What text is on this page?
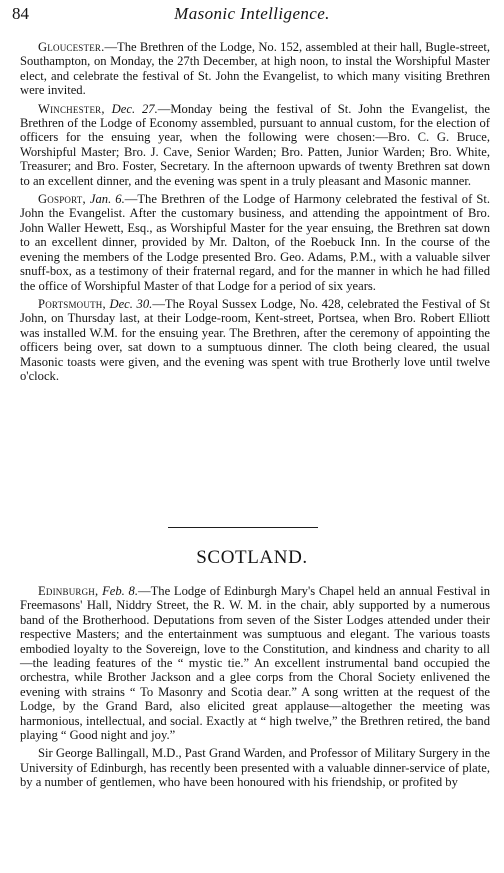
84	Masonic Intelligence.

Gloucester.—The Brethren of the Lodge, No. 152, assembled at their hall, Bugle-street, Southampton, on Monday, the 27th December, at high noon, to instal the Worshipful Master elect, and celebrate the festival of St. John the Evangelist, to which many visiting Brethren were invited.

Winchester, Dec. 27.—Monday being the festival of St. John the Evangelist, the Brethren of the Lodge of Economy assembled, pursuant to annual custom, for the election of officers for the ensuing year, when the following were chosen:—Bro. C. G. Bruce, Worshipful Master; Bro. J. Cave, Senior Warden; Bro. Patten, Junior Warden; Bro. White, Treasurer; and Bro. Foster, Secretary. In the afternoon upwards of twenty Brethren sat down to an excellent dinner, and the evening was spent in a truly pleasant and Masonic manner.

Gosport, Jan. 6.—The Brethren of the Lodge of Harmony celebrated the festival of St. John the Evangelist. After the customary business, and attending the appointment of Bro. John Waller Hewett, Esq., as Worshipful Master for the year ensuing, the Brethren sat down to an excellent dinner, provided by Mr. Dalton, of the Roebuck Inn. In the course of the evening the members of the Lodge presented Bro. Geo. Adams, P.M., with a valuable silver snuff-box, as a testimony of their fraternal regard, and for the manner in which he had filled the office of Worshipful Master of that Lodge for a period of six years.

Portsmouth, Dec. 30.—The Royal Sussex Lodge, No. 428, celebrated the Festival of St John, on Thursday last, at their Lodge-room, Kent-street, Portsea, when Bro. Robert Elliott was installed W.M. for the ensuing year. The Brethren, after the ceremony of appointing the officers being over, sat down to a sumptuous dinner. The cloth being cleared, the usual Masonic toasts were given, and the evening was spent with true Brotherly love until twelve o'clock.

SCOTLAND.

Edinburgh, Feb. 8.—The Lodge of Edinburgh Mary's Chapel held an annual Festival in Freemasons' Hall, Niddry Street, the R. W. M. in the chair, ably supported by a numerous band of the Brotherhood. Deputations from seven of the Sister Lodges attended under their respective Masters; and the entertainment was sumptuous and elegant. The various toasts embodied loyalty to the Sovereign, love to the Constitution, and kindness and charity to all—the leading features of the “ mystic tie.” An excellent instrumental band occupied the orchestra, while Brother Jackson and a glee corps from the Choral Society enlivened the evening with strains “ To Masonry and Scotia dear.” A song written at the request of the Lodge, by the Grand Bard, also elicited great applause—altogether the meeting was harmonious, intellectual, and social. Exactly at “ high twelve,” the Brethren retired, the band playing “ Good night and joy.”

Sir George Ballingall, M.D., Past Grand Warden, and Professor of Military Surgery in the University of Edinburgh, has recently been presented with a valuable dinner-service of plate, by a number of gentlemen, who have been honoured with his friendship, or profited by
